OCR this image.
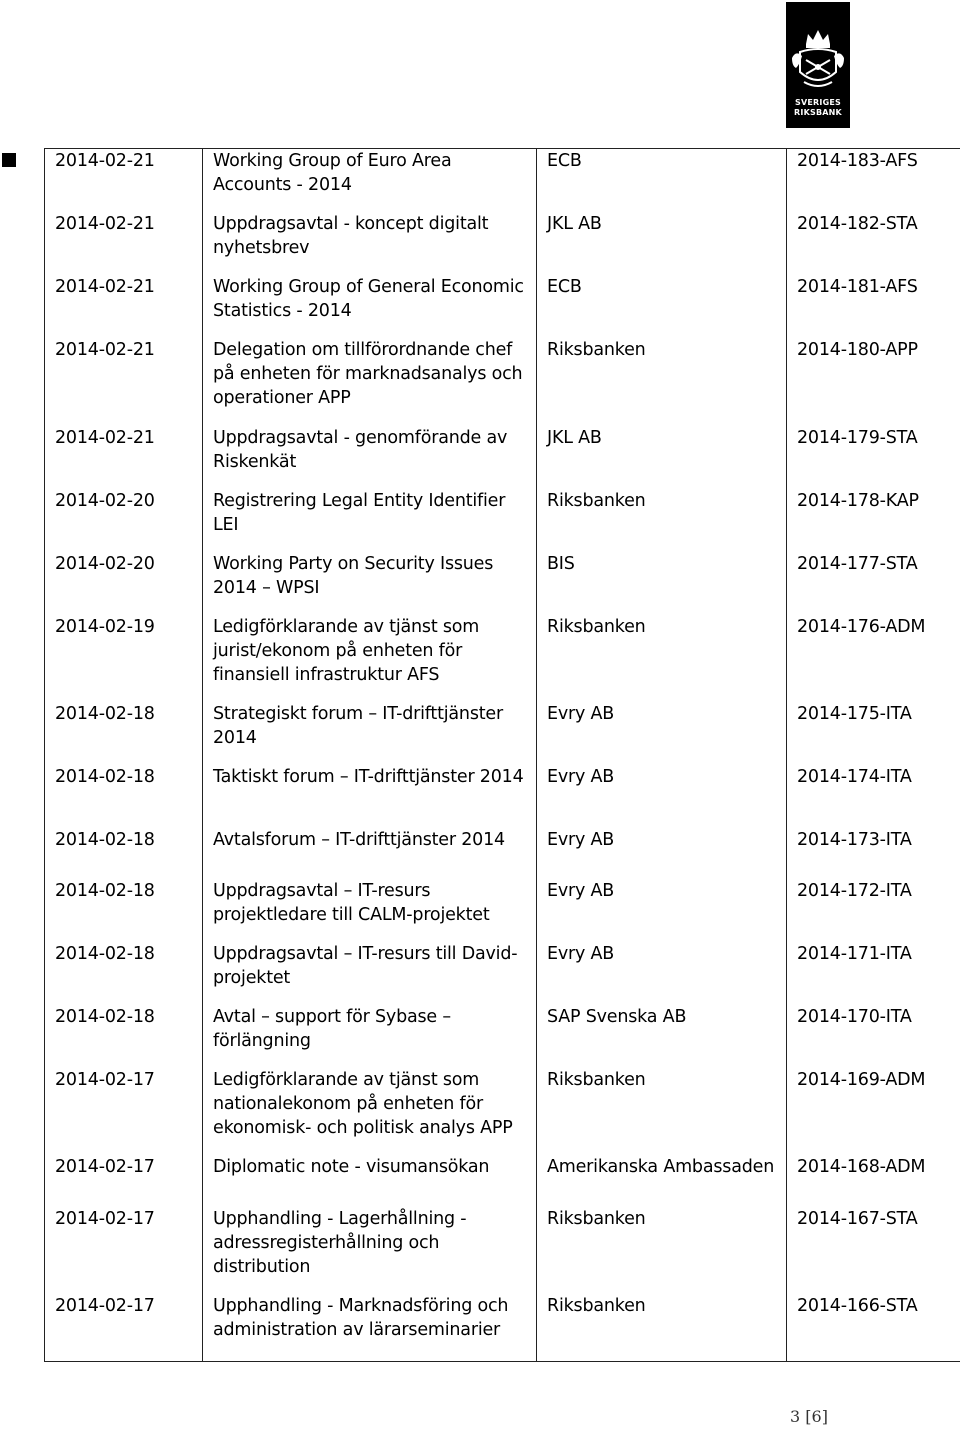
SVERIGES
RIKSBANK
2014-02-21	Working Group of Euro Area Accounts - 2014	ECB	2014-183-AFS
2014-02-21	Uppdragsavtal - koncept digitalt nyhetsbrev	JKL AB	2014-182-STA
2014-02-21	Working Group of General Economic Statistics - 2014	ECB	2014-181-AFS
2014-02-21	Delegation om tillförordnande chef på enheten för marknadsanalys och operationer APP	Riksbanken	2014-180-APP
2014-02-21	Uppdragsavtal - genomförande av Riskenkät	JKL AB	2014-179-STA
2014-02-20	Registrering Legal Entity Identifier LEI	Riksbanken	2014-178-KAP
2014-02-20	Working Party on Security Issues 2014 – WPSI	BIS	2014-177-STA
2014-02-19	Ledigförklarande av tjänst som jurist/ekonom på enheten för finansiell infrastruktur AFS	Riksbanken	2014-176-ADM
2014-02-18	Strategiskt forum – IT-drifttjänster 2014	Evry AB	2014-175-ITA
2014-02-18	Taktiskt forum – IT-drifttjänster 2014	Evry AB	2014-174-ITA
2014-02-18	Avtalsforum – IT-drifttjänster 2014	Evry AB	2014-173-ITA
2014-02-18	Uppdragsavtal – IT-resurs projektledare till CALM-projektet	Evry AB	2014-172-ITA
2014-02-18	Uppdragsavtal – IT-resurs till David-projektet	Evry AB	2014-171-ITA
2014-02-18	Avtal – support för Sybase – förlängning	SAP Svenska AB	2014-170-ITA
2014-02-17	Ledigförklarande av tjänst som nationalekonom på enheten för ekonomisk- och politisk analys APP	Riksbanken	2014-169-ADM
2014-02-17	Diplomatic note - visumansökan	Amerikanska Ambassaden	2014-168-ADM
2014-02-17	Upphandling - Lagerhållning - adressregisterhållning och distribution	Riksbanken	2014-167-STA
2014-02-17	Upphandling - Marknadsföring och administration av lärarseminarier	Riksbanken	2014-166-STA
3 [6]
